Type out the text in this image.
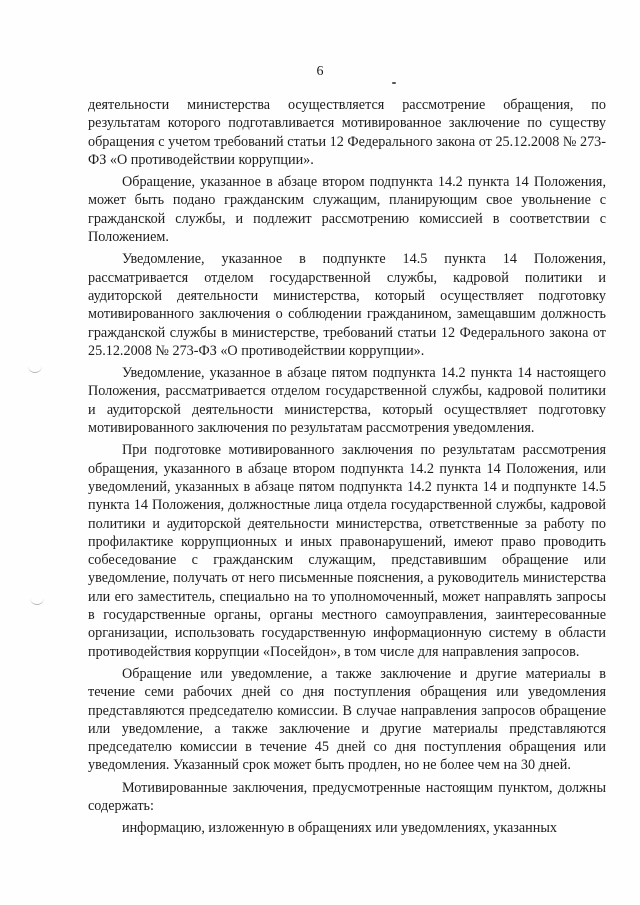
6

деятельности министерства осуществляется рассмотрение обращения, по результатам которого подготавливается мотивированное заключение по существу обращения с учетом требований статьи 12 Федерального закона от 25.12.2008 № 273-ФЗ «О противодействии коррупции».

Обращение, указанное в абзаце втором подпункта 14.2 пункта 14 Положения, может быть подано гражданским служащим, планирующим свое увольнение с гражданской службы, и подлежит рассмотрению комиссией в соответствии с Положением.

Уведомление, указанное в подпункте 14.5 пункта 14 Положения, рассматривается отделом государственной службы, кадровой политики и аудиторской деятельности министерства, который осуществляет подготовку мотивированного заключения о соблюдении гражданином, замещавшим должность гражданской службы в министерстве, требований статьи 12 Федерального закона от 25.12.2008 № 273-ФЗ «О противодействии коррупции».

Уведомление, указанное в абзаце пятом подпункта 14.2 пункта 14 настоящего Положения, рассматривается отделом государственной службы, кадровой политики и аудиторской деятельности министерства, который осуществляет подготовку мотивированного заключения по результатам рассмотрения уведомления.

При подготовке мотивированного заключения по результатам рассмотрения обращения, указанного в абзаце втором подпункта 14.2 пункта 14 Положения, или уведомлений, указанных в абзаце пятом подпункта 14.2 пункта 14 и подпункте 14.5 пункта 14 Положения, должностные лица отдела государственной службы, кадровой политики и аудиторской деятельности министерства, ответственные за работу по профилактике коррупционных и иных правонарушений, имеют право проводить собеседование с гражданским служащим, представившим обращение или уведомление, получать от него письменные пояснения, а руководитель министерства или его заместитель, специально на то уполномоченный, может направлять запросы в государственные органы, органы местного самоуправления, заинтересованные организации, использовать государственную информационную систему в области противодействия коррупции «Посейдон», в том числе для направления запросов.

Обращение или уведомление, а также заключение и другие материалы в течение семи рабочих дней со дня поступления обращения или уведомления представляются председателю комиссии. В случае направления запросов обращение или уведомление, а также заключение и другие материалы представляются председателю комиссии в течение 45 дней со дня поступления обращения или уведомления. Указанный срок может быть продлен, но не более чем на 30 дней.

Мотивированные заключения, предусмотренные настоящим пунктом, должны содержать:

информацию, изложенную в обращениях или уведомлениях, указанных
